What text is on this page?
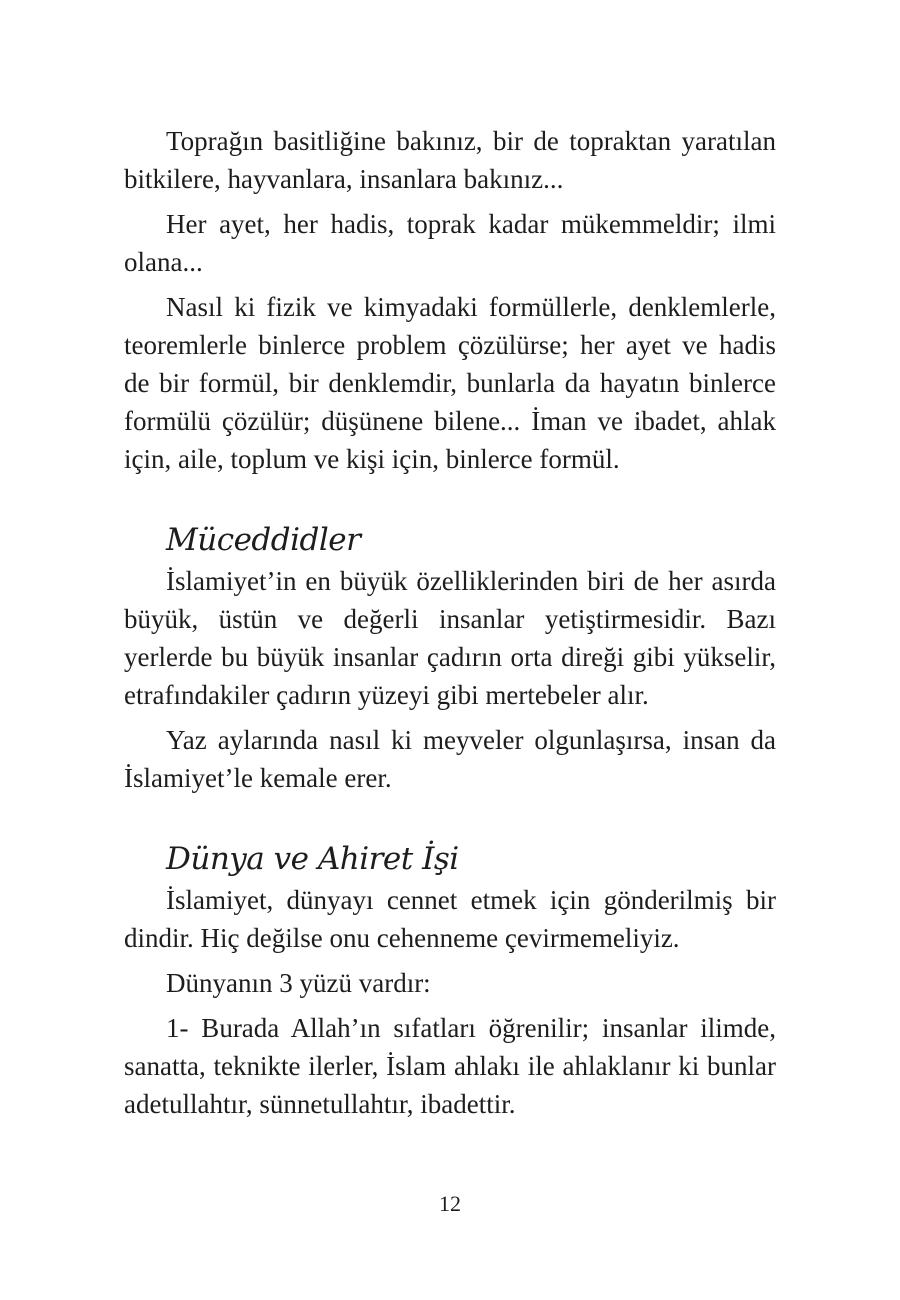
Toprağın basitliğine bakınız, bir de topraktan yaratılan bitkilere, hayvanlara, insanlara bakınız...

Her ayet, her hadis, toprak kadar mükemmeldir; ilmi olana...

Nasıl ki fizik ve kimyadaki formüllerle, denklemlerle, teoremlerle binlerce problem çözülürse; her ayet ve hadis de bir formül, bir denklemdir, bunlarla da hayatın binlerce formülü çözülür; düşünene bilene... İman ve ibadet, ahlak için, aile, toplum ve kişi için, binlerce formül.

Müceddidler

İslamiyet’in en büyük özelliklerinden biri de her asırda büyük, üstün ve değerli insanlar yetiştirmesidir. Bazı yerlerde bu büyük insanlar çadırın orta direği gibi yükselir, etrafındakiler çadırın yüzeyi gibi mertebeler alır.

Yaz aylarında nasıl ki meyveler olgunlaşırsa, insan da İslamiyet’le kemale erer.

Dünya ve Ahiret İşi

İslamiyet, dünyayı cennet etmek için gönderilmiş bir dindir. Hiç değilse onu cehenneme çevirmemeliyiz.

Dünyanın 3 yüzü vardır:

1- Burada Allah’ın sıfatları öğrenilir; insanlar ilimde, sanatta, teknikte ilerler, İslam ahlakı ile ahlaklanır ki bunlar adetullahtır, sünnetullahtır, ibadettir.

12
